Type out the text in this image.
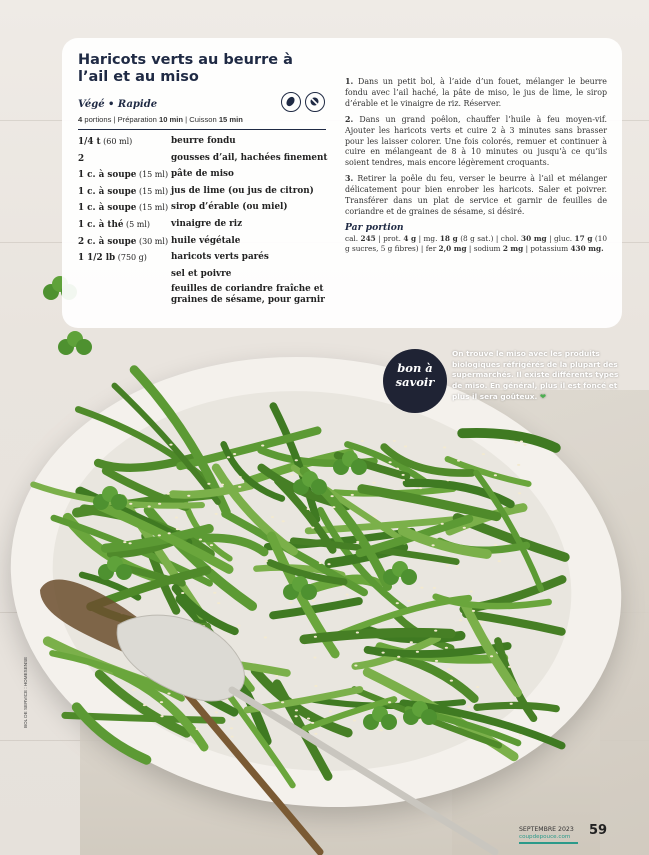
Haricots verts au beurre à l’ail et au miso
Végé • Rapide
4 portions | Préparation 10 min | Cuisson 15 min
1/4 t (60 ml)	beurre fondu
2	gousses d’ail, hachées finement
1 c. à soupe (15 ml) pâte de miso
1 c. à soupe (15 ml) jus de lime (ou jus de citron)
1 c. à soupe (15 ml) sirop d’érable (ou miel)
1 c. à thé (5 ml)	vinaigre de riz
2 c. à soupe (30 ml) huile végétale
1 1/2 lb (750 g)	haricots verts parés
sel et poivre
feuilles de coriandre fraîche et graines de sésame, pour garnir

1. Dans un petit bol, à l’aide d’un fouet, mélanger le beurre fondu avec l’ail haché, la pâte de miso, le jus de lime, le sirop d’érable et le vinaigre de riz. Réserver.

2. Dans un grand poêlon, chauffer l’huile à feu moyen-vif. Ajouter les haricots verts et cuire 2 à 3 minutes sans brasser pour les laisser colorer. Une fois colorés, remuer et continuer à cuire en mélangeant de 8 à 10 minutes ou jusqu’à ce qu’ils soient tendres, mais encore légèrement croquants.

3. Retirer la poêle du feu, verser le beurre à l’ail et mélanger délicatement pour bien enrober les haricots. Saler et poivrer. Transférer dans un plat de service et garnir de feuilles de coriandre et de graines de sésame, si désiré.

Par portion
cal. 245 | prot. 4 g | mg. 18 g (8 g sat.) | chol. 30 mg | gluc. 17 g (10 g sucres, 5 g fibres) | fer 2,0 mg | sodium 2 mg | potassium 430 mg.
bon à
savoir
On trouve le miso avec les produits biologiques réfrigérés de la plupart des supermarchés. Il existe différents types de miso. En général, plus il est foncé et plus il sera goûteux. ❤
BOL DE SERVICE : HOMESENSE
SEPTEMBRE 2023
coupdepouce.com 59
